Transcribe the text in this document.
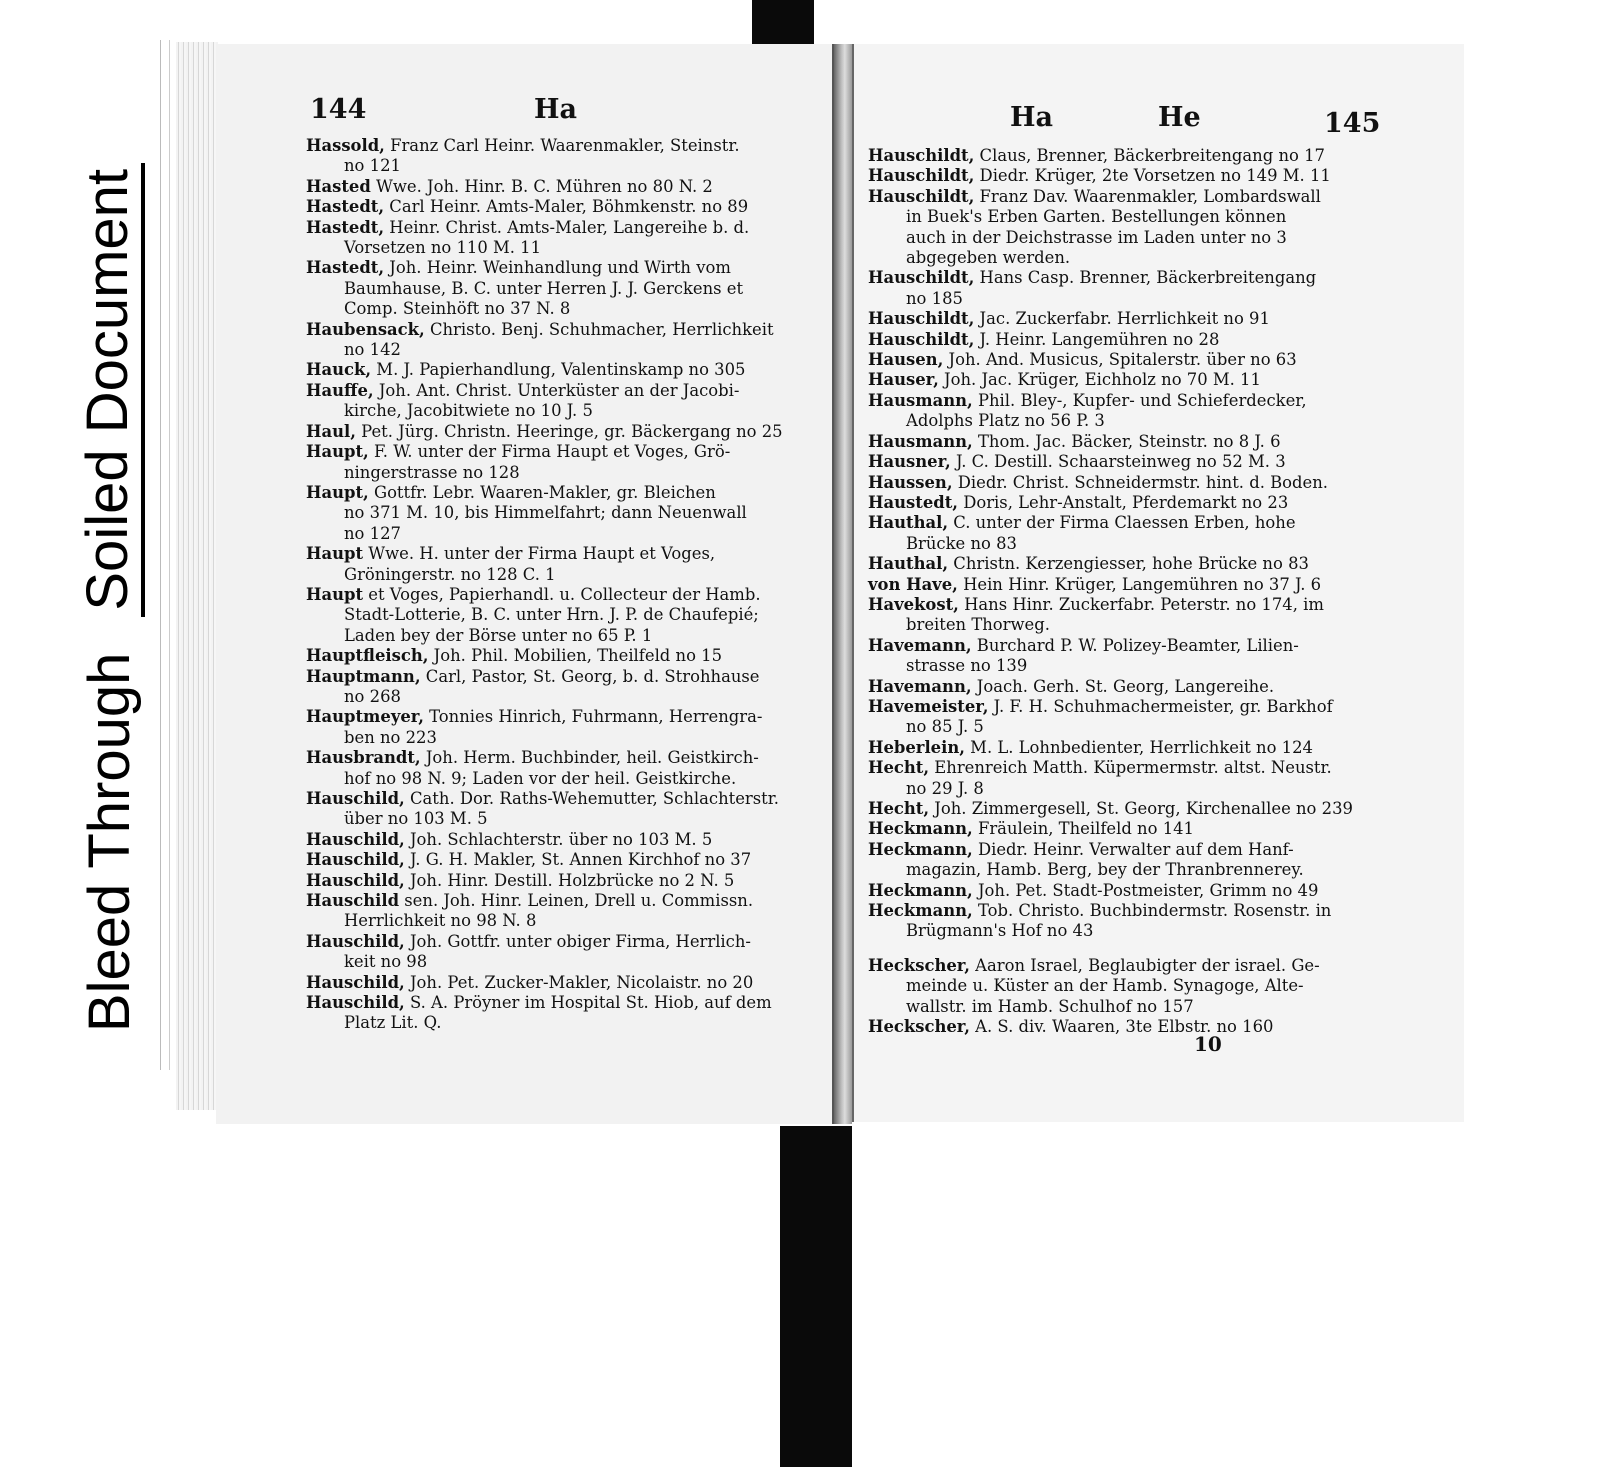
Bleed Through
Soiled Document
144	Ha
Hassold, Franz Carl Heinr. Waarenmakler, Steinstr.
no 121
Hasted Wwe. Joh. Hinr. B. C. Mühren no 80 N. 2
Hastedt, Carl Heinr. Amts-Maler, Böhmkenstr. no 89
Hastedt, Heinr. Christ. Amts-Maler, Langereihe b. d.
Vorsetzen no 110 M. 11
Hastedt, Joh. Heinr. Weinhandlung und Wirth vom
Baumhause, B. C. unter Herren J. J. Gerckens et
Comp. Steinhöft no 37 N. 8
Haubensack, Christo. Benj. Schuhmacher, Herrlichkeit
no 142
Hauck, M. J. Papierhandlung, Valentinskamp no 305
Hauffe, Joh. Ant. Christ. Unterküster an der Jacobi-
kirche, Jacobitwiete no 10 J. 5
Haul, Pet. Jürg. Christn. Heeringe, gr. Bäckergang no 25
Haupt, F. W. unter der Firma Haupt et Voges, Grö-
ningerstrasse no 128
Haupt, Gottfr. Lebr. Waaren-Makler, gr. Bleichen
no 371 M. 10, bis Himmelfahrt; dann Neuenwall
no 127
Haupt Wwe. H. unter der Firma Haupt et Voges,
Gröningerstr. no 128 C. 1
Haupt et Voges, Papierhandl. u. Collecteur der Hamb.
Stadt-Lotterie, B. C. unter Hrn. J. P. de Chaufepié;
Laden bey der Börse unter no 65 P. 1
Hauptfleisch, Joh. Phil. Mobilien, Theilfeld no 15
Hauptmann, Carl, Pastor, St. Georg, b. d. Strohhause
no 268
Hauptmeyer, Tonnies Hinrich, Fuhrmann, Herrengra-
ben no 223
Hausbrandt, Joh. Herm. Buchbinder, heil. Geistkirch-
hof no 98 N. 9; Laden vor der heil. Geistkirche.
Hauschild, Cath. Dor. Raths-Wehemutter, Schlachterstr.
über no 103 M. 5
Hauschild, Joh. Schlachterstr. über no 103 M. 5
Hauschild, J. G. H. Makler, St. Annen Kirchhof no 37
Hauschild, Joh. Hinr. Destill. Holzbrücke no 2 N. 5
Hauschild sen. Joh. Hinr. Leinen, Drell u. Commissn.
Herrlichkeit no 98 N. 8
Hauschild, Joh. Gottfr. unter obiger Firma, Herrlich-
keit no 98
Hauschild, Joh. Pet. Zucker-Makler, Nicolaistr. no 20
Hauschild, S. A. Pröyner im Hospital St. Hiob, auf dem
Platz Lit. Q.
Ha	He	145
Hauschildt, Claus, Brenner, Bäckerbreitengang no 17
Hauschildt, Diedr. Krüger, 2te Vorsetzen no 149 M. 11
Hauschildt, Franz Dav. Waarenmakler, Lombardswall
in Buek's Erben Garten. Bestellungen können
auch in der Deichstrasse im Laden unter no 3
abgegeben werden.
Hauschildt, Hans Casp. Brenner, Bäckerbreitengang
no 185
Hauschildt, Jac. Zuckerfabr. Herrlichkeit no 91
Hauschildt, J. Heinr. Langemühren no 28
Hausen, Joh. And. Musicus, Spitalerstr. über no 63
Hauser, Joh. Jac. Krüger, Eichholz no 70 M. 11
Hausmann, Phil. Bley-, Kupfer- und Schieferdecker,
Adolphs Platz no 56 P. 3
Hausmann, Thom. Jac. Bäcker, Steinstr. no 8 J. 6
Hausner, J. C. Destill. Schaarsteinweg no 52 M. 3
Haussen, Diedr. Christ. Schneidermstr. hint. d. Boden.
Haustedt, Doris, Lehr-Anstalt, Pferdemarkt no 23
Hauthal, C. unter der Firma Claessen Erben, hohe
Brücke no 83
Hauthal, Christn. Kerzengiesser, hohe Brücke no 83
von Have, Hein Hinr. Krüger, Langemühren no 37 J. 6
Havekost, Hans Hinr. Zuckerfabr. Peterstr. no 174, im
breiten Thorweg.
Havemann, Burchard P. W. Polizey-Beamter, Lilien-
strasse no 139
Havemann, Joach. Gerh. St. Georg, Langereihe.
Havemeister, J. F. H. Schuhmachermeister, gr. Barkhof
no 85 J. 5
Heberlein, M. L. Lohnbedienter, Herrlichkeit no 124
Hecht, Ehrenreich Matth. Küpermermstr. altst. Neustr.
no 29 J. 8
Hecht, Joh. Zimmergesell, St. Georg, Kirchenallee no 239
Heckmann, Fräulein, Theilfeld no 141
Heckmann, Diedr. Heinr. Verwalter auf dem Hanf-
magazin, Hamb. Berg, bey der Thranbrennerey.
Heckmann, Joh. Pet. Stadt-Postmeister, Grimm no 49
Heckmann, Tob. Christo. Buchbindermstr. Rosenstr. in
Brügmann's Hof no 43
Heckscher, Aaron Israel, Beglaubigter der israel. Ge-
meinde u. Küster an der Hamb. Synagoge, Alte-
wallstr. im Hamb. Schulhof no 157
Heckscher, A. S. div. Waaren, 3te Elbstr. no 160
10
